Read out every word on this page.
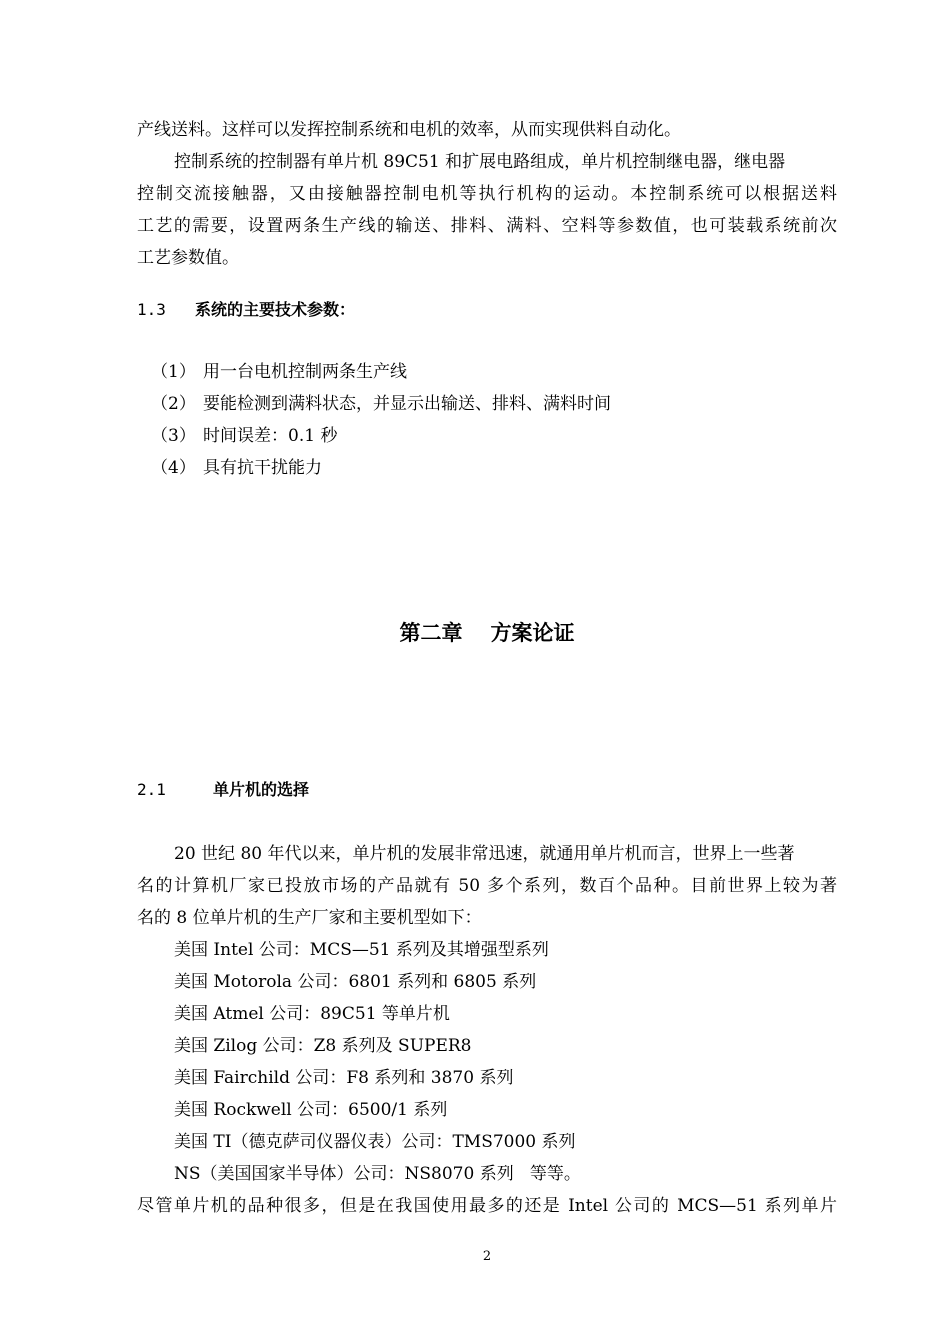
产线送料。这样可以发挥控制系统和电机的效率，从而实现供料自动化。
控制系统的控制器有单片机 89C51 和扩展电路组成，单片机控制继电器，继电器
控制交流接触器，又由接触器控制电机等执行机构的运动。本控制系统可以根据送料
工艺的需要，设置两条生产线的输送、排料、满料、空料等参数值，也可装载系统前次
工艺参数值。
1.3 系统的主要技术参数：
（1） 用一台电机控制两条生产线
（2） 要能检测到满料状态，并显示出输送、排料、满料时间
（3） 时间误差：0.1 秒
（4） 具有抗干扰能力
第二章 方案论证
2.1	单片机的选择
20 世纪 80 年代以来，单片机的发展非常迅速，就通用单片机而言，世界上一些著
名的计算机厂家已投放市场的产品就有 50 多个系列，数百个品种。目前世界上较为著
名的 8 位单片机的生产厂家和主要机型如下：
美国 Intel 公司：MCS—51 系列及其增强型系列
美国 Motorola 公司：6801 系列和 6805 系列
美国 Atmel 公司：89C51 等单片机
美国 Zilog 公司：Z8 系列及 SUPER8
美国 Fairchild 公司：F8 系列和 3870 系列
美国 Rockwell 公司：6500/1 系列
美国 TI（德克萨司仪器仪表）公司：TMS7000 系列
NS（美国国家半导体）公司：NS8070 系列   等等。
尽管单片机的品种很多，但是在我国使用最多的还是 Intel 公司的 MCS—51 系列单片
2
